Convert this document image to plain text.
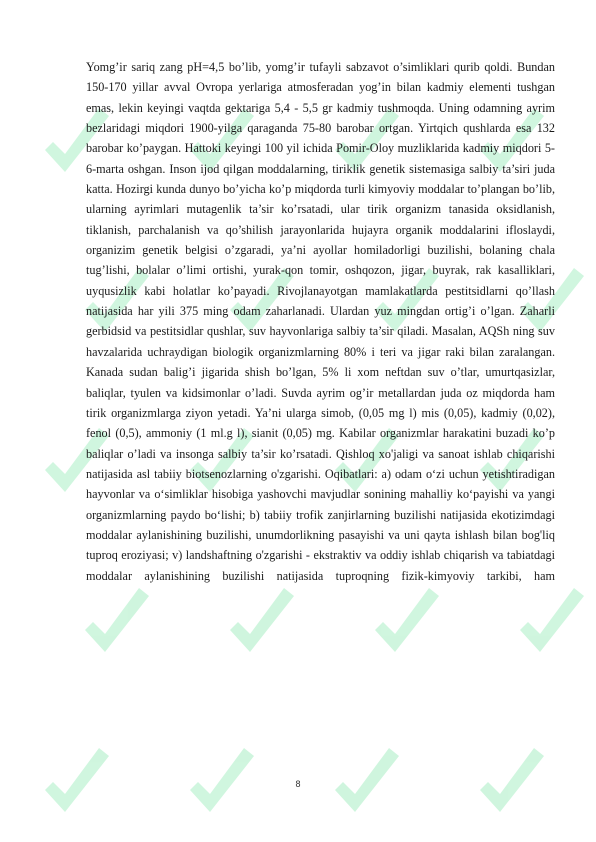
Yomg’ir sariq zang pH=4,5 bo’lib, yomg’ir tufayli sabzavot o’simliklari qurib qoldi. Bundan 150-170 yillar avval Ovropa yerlariga atmosferadan yog’in bilan kadmiy elementi tushgan emas, lekin keyingi vaqtda gektariga 5,4 - 5,5 gr kadmiy tushmoqda. Uning odamning ayrim bezlaridagi miqdori 1900-yilga qaraganda 75-80 barobar ortgan. Yirtqich qushlarda esa 132 barobar ko’paygan. Hattoki keyingi 100 yil ichida Pomir-Oloy muzliklarida kadmiy miqdori 5-6-marta oshgan. Inson ijod qilgan moddalarning, tiriklik genetik sistemasiga salbiy ta’siri juda katta. Hozirgi kunda dunyo bo’yicha ko’p miqdorda turli kimyoviy moddalar to’plangan bo’lib, ularning ayrimlari mutagenlik ta’sir ko’rsatadi, ular tirik organizm tanasida oksidlanish, tiklanish, parchalanish va qo’shilish jarayonlarida hujayra organik moddalarini ifloslaydi, organizim genetik belgisi o’zgaradi, ya’ni ayollar homiladorligi buzilishi, bolaning chala tug’lishi, bolalar o’limi ortishi, yurak-qon tomir, oshqozon, jigar, buyrak, rak kasalliklari, uyqusizlik kabi holatlar ko’payadi. Rivojlanayotgan mamlakatlarda pestitsidlarni qo’llash natijasida har yili 375 ming odam zaharlanadi. Ulardan yuz mingdan ortig’i o’lgan. Zaharli gerbidsid va pestitsidlar qushlar, suv hayvonlariga salbiy ta’sir qiladi. Masalan, AQSh ning suv havzalarida uchraydigan biologik organizmlarning 80% i teri va jigar raki bilan zaralangan. Kanada sudan balig’i jigarida shish bo’lgan, 5% li xom neftdan suv o’tlar, umurtqasizlar, baliqlar, tyulen va kidsimonlar o’ladi. Suvda ayrim og’ir metallardan juda oz miqdorda ham tirik organizmlarga ziyon yetadi. Ya’ni ularga simob, (0,05 mg l) mis (0,05), kadmiy (0,02), fenol (0,5), ammoniy (1 ml.g l), sianit (0,05) mg. Kabilar organizmlar harakatini buzadi ko’p baliqlar o’ladi va insonga salbiy ta’sir ko’rsatadi. Qishloq xo'jaligi va sanoat ishlab chiqarishi natijasida asl tabiiy biotsenozlarning o'zgarishi. Oqibatlari: a) odam o‘zi uchun yetishtiradigan hayvonlar va o‘simliklar hisobiga yashovchi mavjudlar sonining mahalliy ko‘payishi va yangi organizmlarning paydo bo‘lishi; b) tabiiy trofik zanjirlarning buzilishi natijasida ekotizimdagi moddalar aylanishining buzilishi, unumdorlikning pasayishi va uni qayta ishlash bilan bog'liq tuproq eroziyasi; v) landshaftning o'zgarishi - ekstraktiv va oddiy ishlab chiqarish va tabiatdagi moddalar aylanishining buzilishi natijasida tuproqning fizik-kimyoviy tarkibi, ham

8
